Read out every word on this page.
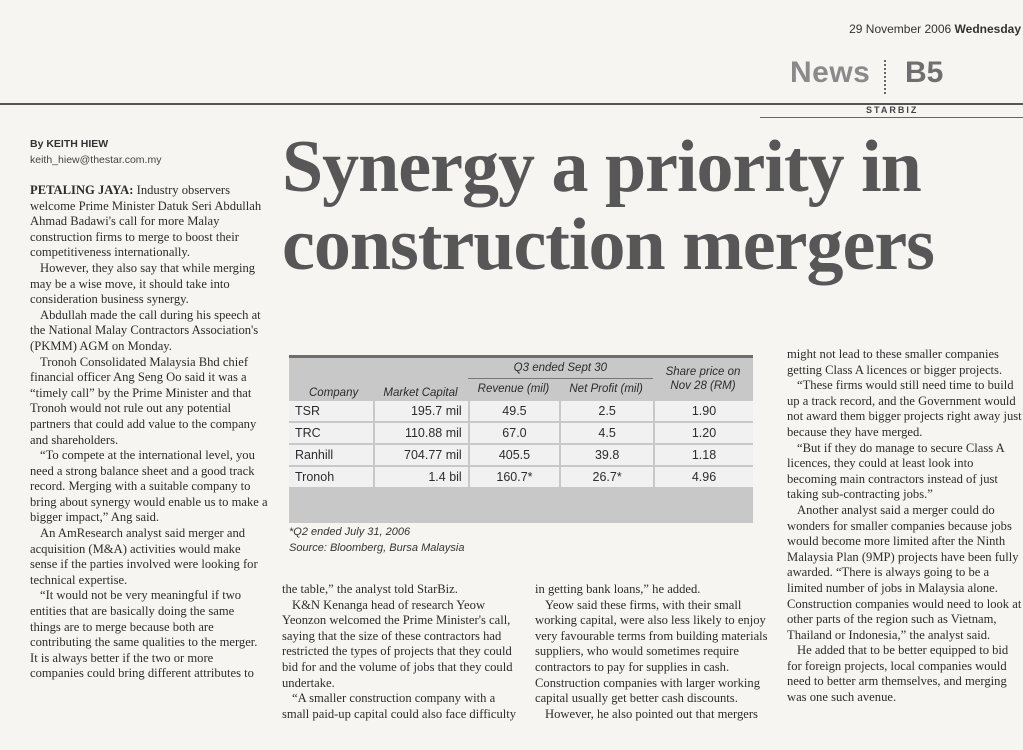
29 November 2006 Wednesday
News B5
STARBIZ
By KEITH HIEW
keith_hiew@thestar.com.my Synergy a priority in
construction mergers

PETALING JAYA: Industry observers welcome Prime Minister Datuk Seri Abdullah Ahmad Badawi's call for more Malay construction firms to merge to boost their competitiveness internationally.

However, they also say that while merging may be a wise move, it should take into consideration business synergy.

Abdullah made the call during his speech at the National Malay Contractors Association's (PKMM) AGM on Monday.

Tronoh Consolidated Malaysia Bhd chief financial officer Ang Seng Oo said it was a “timely call” by the Prime Minister and that Tronoh would not rule out any potential partners that could add value to the company and shareholders.

“To compete at the international level, you need a strong balance sheet and a good track record. Merging with a suitable company to bring about synergy would enable us to make a bigger impact,” Ang said.

An AmResearch analyst said merger and acquisition (M&A) activities would make sense if the parties involved were looking for technical expertise.

“It would not be very meaningful if two entities that are basically doing the same things are to merge because both are contributing the same qualities to the merger. It is always better if the two or more companies could bring different attributes to

Company	Market Capital	Q3 ended Sept 30		Share price on Nov 28 (RM)
		Revenue (mil)	Net Profit (mil)	
TSR	195.7 mil	49.5	2.5	1.90
TRC	110.88 mil	67.0	4.5	1.20
Ranhill	704.77 mil	405.5	39.8	1.18
Tronoh	1.4 bil	160.7*	26.7*	4.96
*Q2 ended July 31, 2006
Source: Bloomberg, Bursa Malaysia

the table,” the analyst told StarBiz.

K&N Kenanga head of research Yeow Yeonzon welcomed the Prime Minister's call, saying that the size of these contractors had restricted the types of projects that they could bid for and the volume of jobs that they could undertake.

“A smaller construction company with a small paid-up capital could also face difficulty

in getting bank loans,” he added.

Yeow said these firms, with their small working capital, were also less likely to enjoy very favourable terms from building materials suppliers, who would sometimes require contractors to pay for supplies in cash. Construction companies with larger working capital usually get better cash discounts.

However, he also pointed out that mergers

might not lead to these smaller companies getting Class A licences or bigger projects.

“These firms would still need time to build up a track record, and the Government would not award them bigger projects right away just because they have merged.

“But if they do manage to secure Class A licences, they could at least look into becoming main contractors instead of just taking sub-contracting jobs.”

Another analyst said a merger could do wonders for smaller companies because jobs would become more limited after the Ninth Malaysia Plan (9MP) projects have been fully awarded. “There is always going to be a limited number of jobs in Malaysia alone. Construction companies would need to look at other parts of the region such as Vietnam, Thailand or Indonesia,” the analyst said.

He added that to be better equipped to bid for foreign projects, local companies would need to better arm themselves, and merging was one such avenue.
